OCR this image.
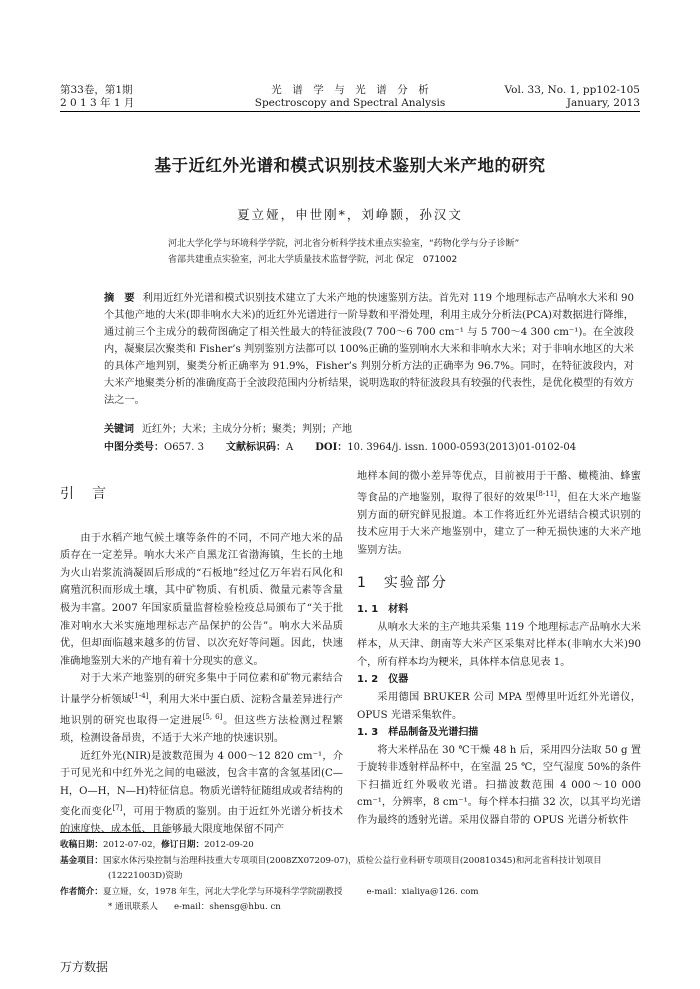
第33卷，第1期
2 0 1 3 年 1 月
光　谱　学　与　光　谱　分　析
Spectroscopy and Spectral Analysis
Vol. 33, No. 1, pp102-105
January, 2013
基于近红外光谱和模式识别技术鉴别大米产地的研究
夏立娅，申世刚*，刘峥颢，孙汉文
河北大学化学与环境科学学院，河北省分析科学技术重点实验室，“药物化学与分子诊断”
省部共建重点实验室，河北大学质量技术监督学院，河北 保定　071002
摘　要 利用近红外光谱和模式识别技术建立了大米产地的快速鉴别方法。首先对 119 个地理标志产品响水大米和 90 个其他产地的大米(即非响水大米)的近红外光谱进行一阶导数和平滑处理，利用主成分分析法(PCA)对数据进行降维，通过前三个主成分的载荷图确定了相关性最大的特征波段(7 700～6 700 cm⁻¹ 与 5 700～4 300 cm⁻¹)。在全波段内，凝聚层次聚类和 Fisher’s 判别鉴别方法都可以 100%正确的鉴别响水大米和非响水大米；对于非响水地区的大米的具体产地判别，聚类分析正确率为 91.9%，Fisher’s 判别分析方法的正确率为 96.7%。同时，在特征波段内，对大米产地聚类分析的准确度高于全波段范围内分析结果，说明选取的特征波段具有较强的代表性，是优化模型的有效方法之一。
关键词 近红外；大米；主成分分析；聚类；判别；产地
中图分类号：O657. 3 文献标识码：A DOI：10. 3964/j. issn. 1000-0593(2013)01-0102-04
引　言

由于水稻产地气候土壤等条件的不同，不同产地大米的品质存在一定差异。响水大米产自黑龙江省渤海镇，生长的土地为火山岩浆流淌凝固后形成的“石板地”经过亿万年岩石风化和腐殖沉积而形成土壤，其中矿物质、有机质、微量元素等含量极为丰富。2007 年国家质量监督检验检疫总局颁布了“关于批准对响水大米实施地理标志产品保护的公告”。响水大米品质优，但却面临越来越多的仿冒、以次充好等问题。因此，快速准确地鉴别大米的产地有着十分现实的意义。

对于大米产地鉴别的研究多集中于同位素和矿物元素结合计量学分析领域[1-4]，利用大米中蛋白质、淀粉含量差异进行产地识别的研究也取得一定进展[5, 6]。但这些方法检测过程繁琐，检测设备昂贵，不适于大米产地的快速识别。

近红外光(NIR)是波数范围为 4 000～12 820 cm⁻¹，介于可见光和中红外光之间的电磁波，包含丰富的含氢基团(C—H，O—H，N—H)特征信息。物质光谱特征随组成或者结构的变化而变化[7]，可用于物质的鉴别。由于近红外光谱分析技术的速度快、成本低、且能够最大限度地保留不同产

地样本间的微小差异等优点，目前被用于干酪、橄榄油、蜂蜜等食品的产地鉴别，取得了很好的效果[8-11]，但在大米产地鉴别方面的研究鲜见报道。本工作将近红外光谱结合模式识别的技术应用于大米产地鉴别中，建立了一种无损快速的大米产地鉴别方法。

1　实验部分
1. 1　材料

从响水大米的主产地共采集 119 个地理标志产品响水大米样本，从天津、朗南等大米产区采集对比样本(非响水大米)90 个，所有样本均为粳米，具体样本信息见表 1。

1. 2　仪器

采用德国 BRUKER 公司 MPA 型傅里叶近红外光谱仪，OPUS 光谱采集软件。

1. 3　样品制备及光谱扫描

将大米样品在 30 ℃干燥 48 h 后，采用四分法取 50 g 置于旋转非透射样品杯中，在室温 25 ℃，空气湿度 50%的条件下扫描近红外吸收光谱。扫描波数范围 4 000～10 000 cm⁻¹，分辨率，8 cm⁻¹。每个样本扫描 32 次，以其平均光谱作为最终的透射光谱。采用仪器自带的 OPUS 光谱分析软件

收稿日期：2012-07-02，修订日期：2012-09-20
基金项目：国家水体污染控制与治理科技重大专项项目(2008ZX07209-07)，质检公益行业科研专项项目(200810345)和河北省科技计划项目(12221003D)资助
作者简介：夏立娅，女，1978 年生，河北大学化学与环境科学学院副教授	e-mail：xialiya@126. com
* 通讯联系人 e-mail：shensg@hbu. cn
万方数据
